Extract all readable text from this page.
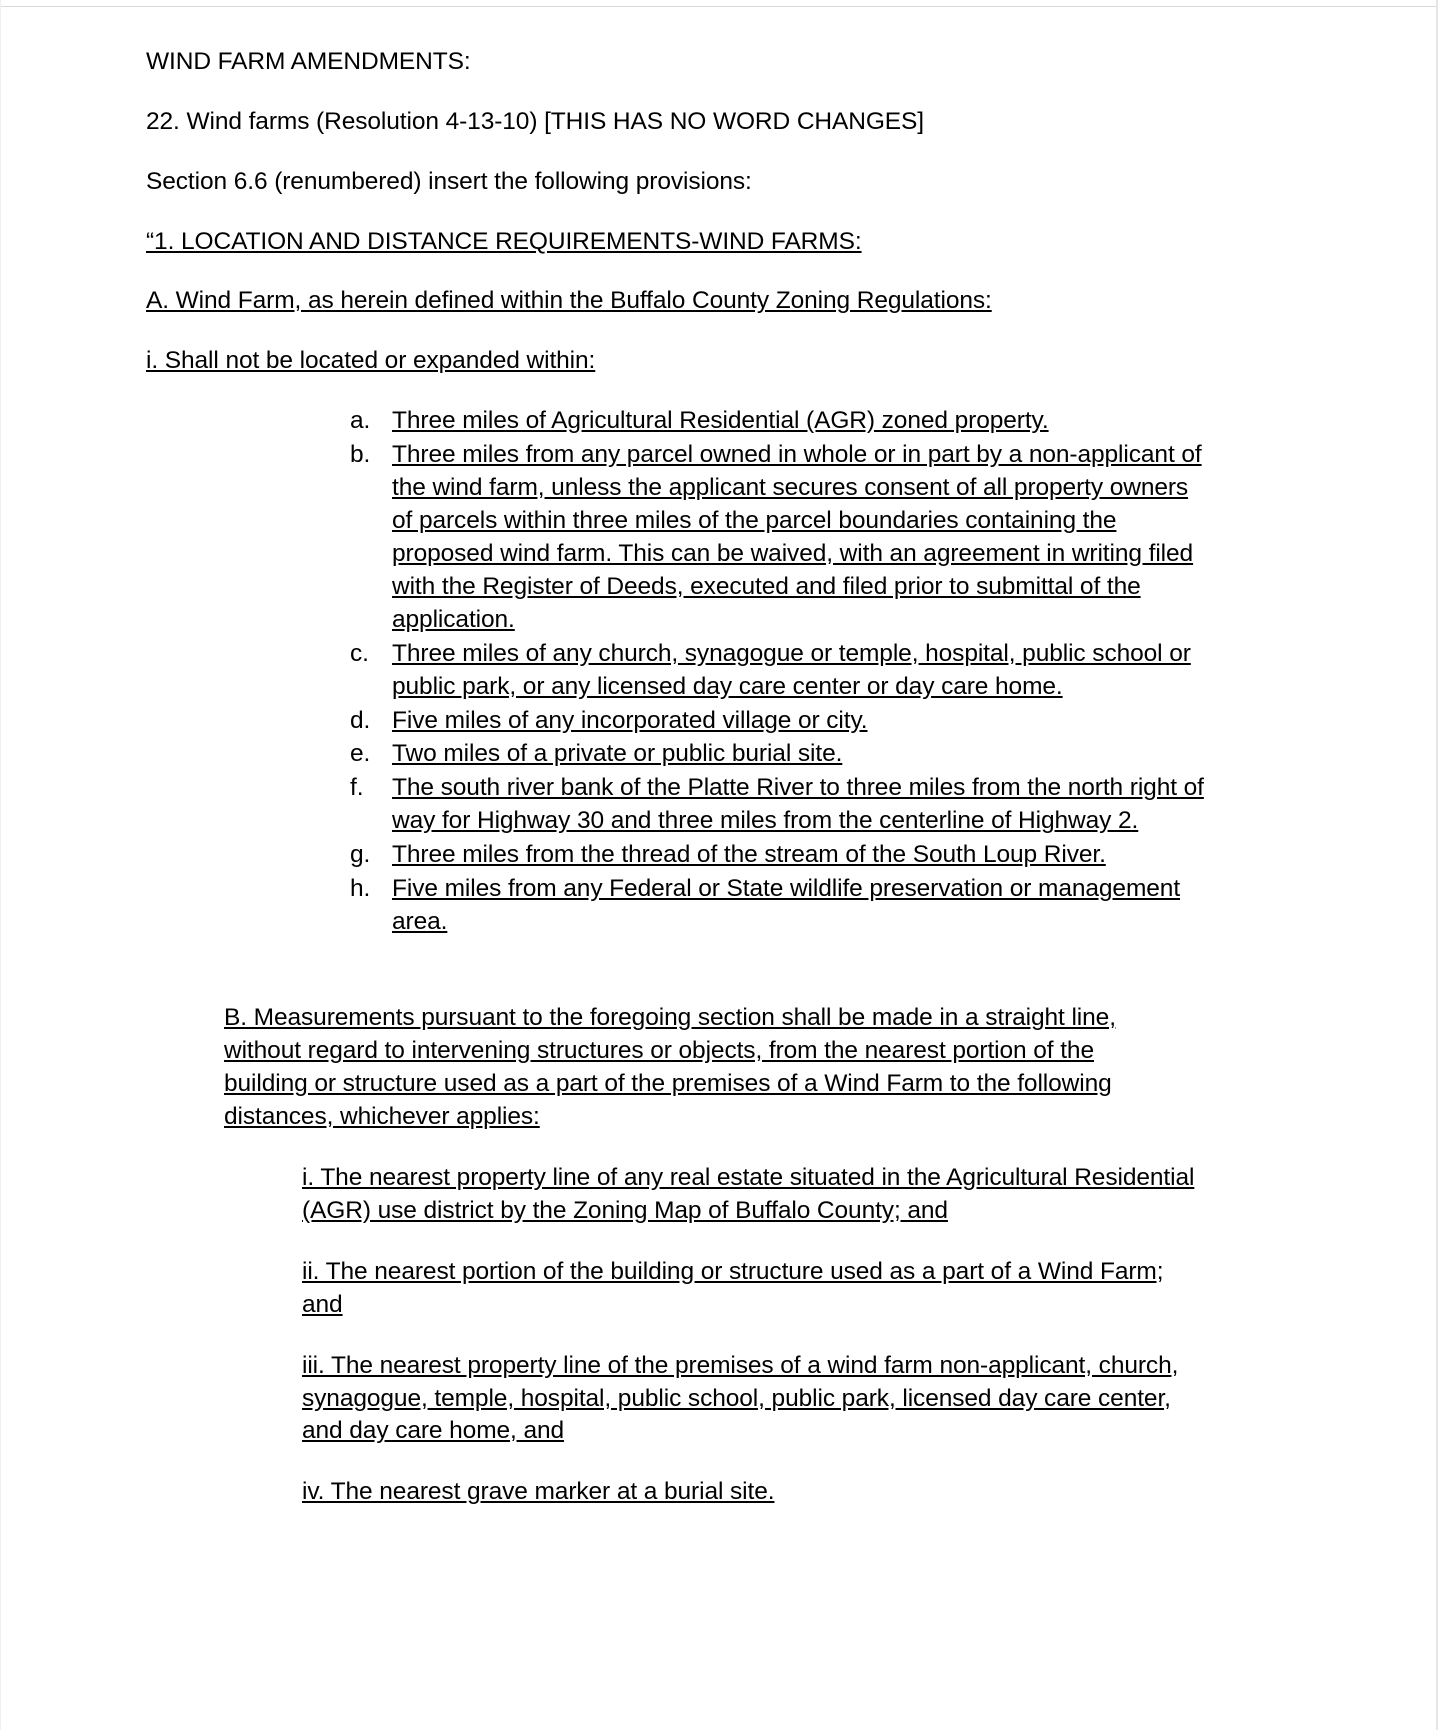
WIND FARM AMENDMENTS:

22. Wind farms (Resolution 4-13-10) [THIS HAS NO WORD CHANGES]

Section 6.6 (renumbered) insert the following provisions:

“1. LOCATION AND DISTANCE REQUIREMENTS-WIND FARMS:

A. Wind Farm, as herein defined within the Buffalo County Zoning Regulations:

i. Shall not be located or expanded within:

a. Three miles of Agricultural Residential (AGR) zoned property.
b. Three miles from any parcel owned in whole or in part by a non-applicant of the wind farm, unless the applicant secures consent of all property owners of parcels within three miles of the parcel boundaries containing the proposed wind farm. This can be waived, with an agreement in writing filed with the Register of Deeds, executed and filed prior to submittal of the application.
c. Three miles of any church, synagogue or temple, hospital, public school or public park, or any licensed day care center or day care home.
d. Five miles of any incorporated village or city.
e. Two miles of a private or public burial site.
f.	The south river bank of the Platte River to three miles from the north right of way for Highway 30 and three miles from the centerline of Highway 2.
g. Three miles from the thread of the stream of the South Loup River.
h. Five miles from any Federal or State wildlife preservation or management area.
B. Measurements pursuant to the foregoing section shall be made in a straight line, without regard to intervening structures or objects, from the nearest portion of the building or structure used as a part of the premises of a Wind Farm to the following distances, whichever applies:

i. The nearest property line of any real estate situated in the Agricultural Residential (AGR) use district by the Zoning Map of Buffalo County; and

ii. The nearest portion of the building or structure used as a part of a Wind Farm; and

iii. The nearest property line of the premises of a wind farm non-applicant, church, synagogue, temple, hospital, public school, public park, licensed day care center, and day care home, and

iv. The nearest grave marker at a burial site.
